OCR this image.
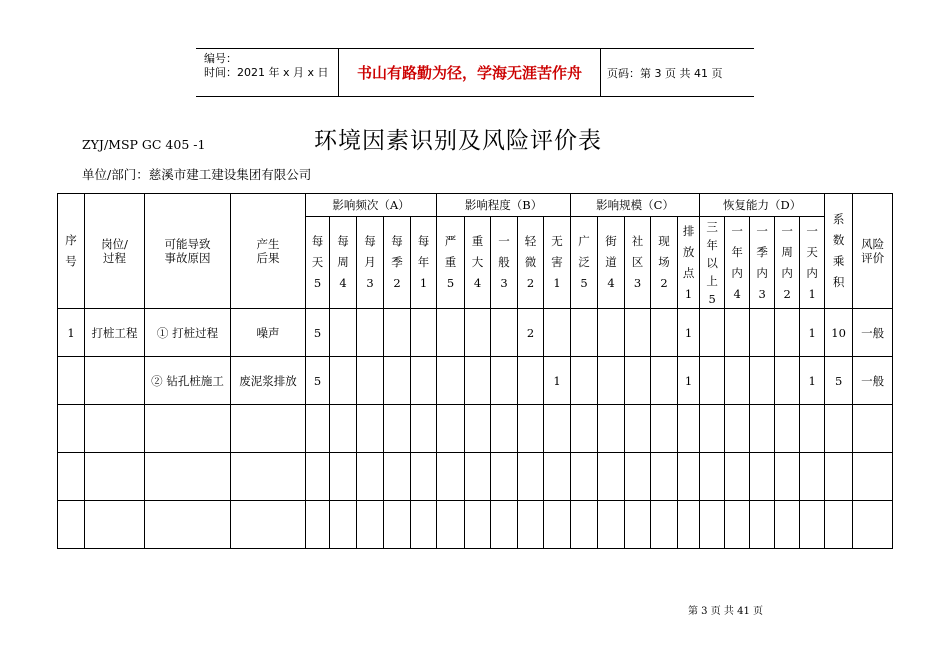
编号：
时间：2021 年 x 月 x 日	书山有路勤为径，学海无涯苦作舟	页码：第 3 页 共 41 页
ZYJ/MSP GC 405 -1	环境因素识别及风险评价表
单位/部门：慈溪市建工建设集团有限公司
序号	岗位/过程	可能导致事故原因	产生后果	影响频次（A）					影响程度（B）					影响规模（C）					恢复能力（D）					系数乘积	风险评价
				每天5	每周4	每月3	每季2	每年1	严重5	重大4	一般3	轻微2	无害1	广泛5	街道4	社区3	现场2	排放点1	三年以上5	一年内4	一季内3	一周内2	一天内1		
1	打桩工程	① 打桩过程	噪声	5								2						1					1	10	一般
		② 钻孔桩施工	废泥浆排放	5									1					1					1	5	一般

第 3 页 共 41 页
